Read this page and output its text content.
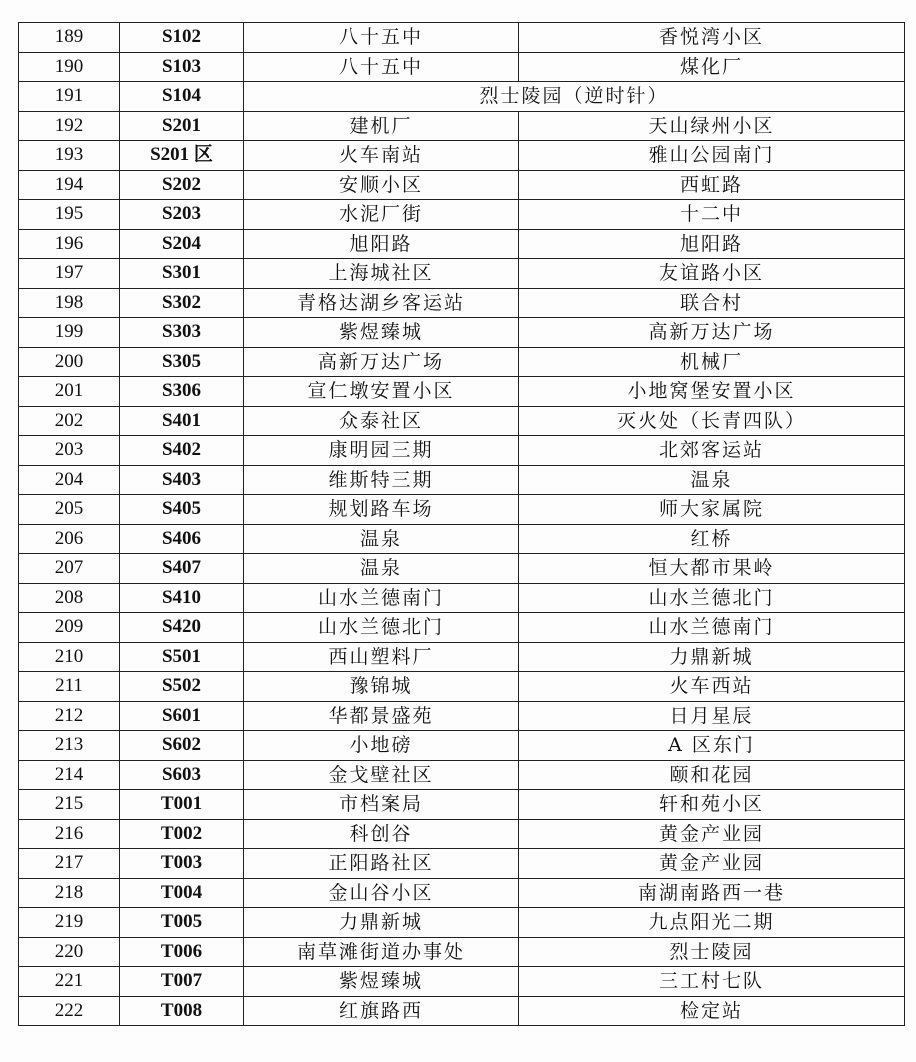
189	S102	八十五中	香悦湾小区
190	S103	八十五中	煤化厂
191	S104	烈士陵园（逆时针）	
192	S201	建机厂	天山绿州小区
193	S201 区	火车南站	雅山公园南门
194	S202	安顺小区	西虹路
195	S203	水泥厂街	十二中
196	S204	旭阳路	旭阳路
197	S301	上海城社区	友谊路小区
198	S302	青格达湖乡客运站	联合村
199	S303	紫煜臻城	高新万达广场
200	S305	高新万达广场	机械厂
201	S306	宣仁墩安置小区	小地窝堡安置小区
202	S401	众泰社区	灭火处（长青四队）
203	S402	康明园三期	北郊客运站
204	S403	维斯特三期	温泉
205	S405	规划路车场	师大家属院
206	S406	温泉	红桥
207	S407	温泉	恒大都市果岭
208	S410	山水兰德南门	山水兰德北门
209	S420	山水兰德北门	山水兰德南门
210	S501	西山塑料厂	力鼎新城
211	S502	豫锦城	火车西站
212	S601	华都景盛苑	日月星辰
213	S602	小地磅	A 区东门
214	S603	金戈壁社区	颐和花园
215	T001	市档案局	轩和苑小区
216	T002	科创谷	黄金产业园
217	T003	正阳路社区	黄金产业园
218	T004	金山谷小区	南湖南路西一巷
219	T005	力鼎新城	九点阳光二期
220	T006	南草滩街道办事处	烈士陵园
221	T007	紫煜臻城	三工村七队
222	T008	红旗路西	检定站
